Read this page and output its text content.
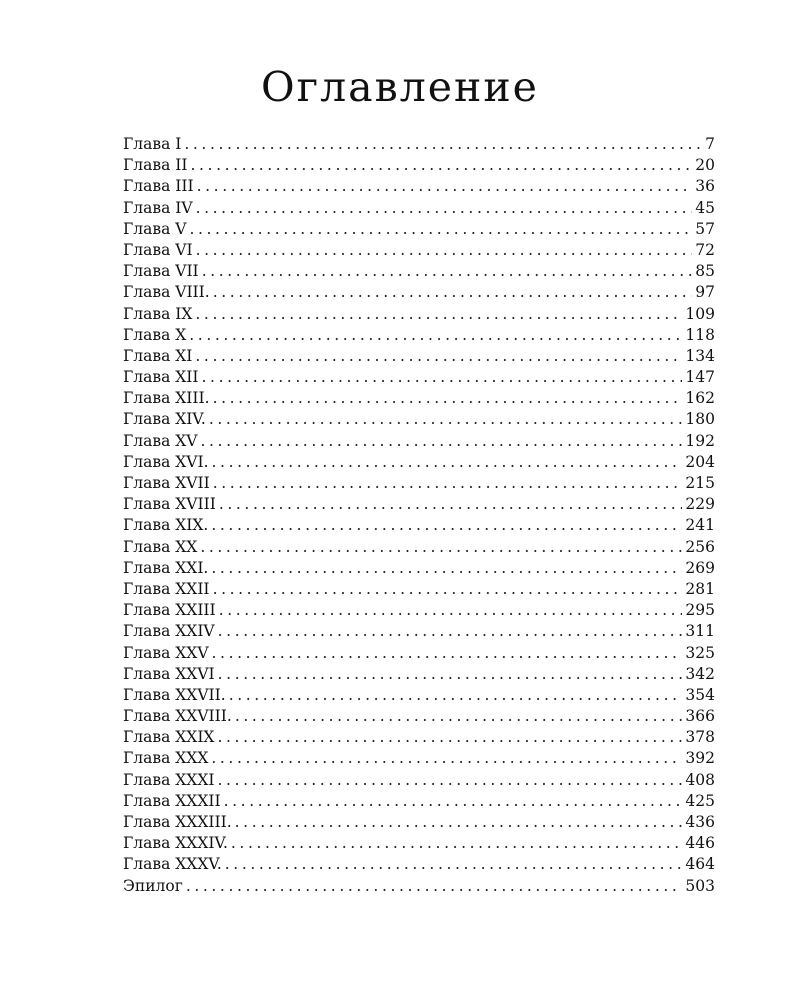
Оглавление
Глава I .....	7
Глава II .....	20
Глава III .....	36
Глава IV .....	45
Глава V .....	57
Глава VI .....	72
Глава VII .....	85
Глава VIII. .....	97
Глава IX .....	109
Глава X .....	118
Глава XI .....	134
Глава XII .....	147
Глава XIII. .....	162
Глава XIV. .....	180
Глава XV .....	192
Глава XVI. .....	204
Глава XVII .....	215
Глава XVIII .....	229
Глава XIX. .....	241
Глава XX .....	256
Глава XXI. .....	269
Глава XXII .....	281
Глава XXIII .....	295
Глава XXIV .....	311
Глава XXV .....	325
Глава XXVI .....	342
Глава XXVII. .....	354
Глава XXVIII. .....	366
Глава XXIX .....	378
Глава XXX .....	392
Глава XXXI .....	408
Глава XXXII .....	425
Глава XXXIII. .....	436
Глава XXXIV. .....	446
Глава XXXV. .....	464
Эпилог .....	503
